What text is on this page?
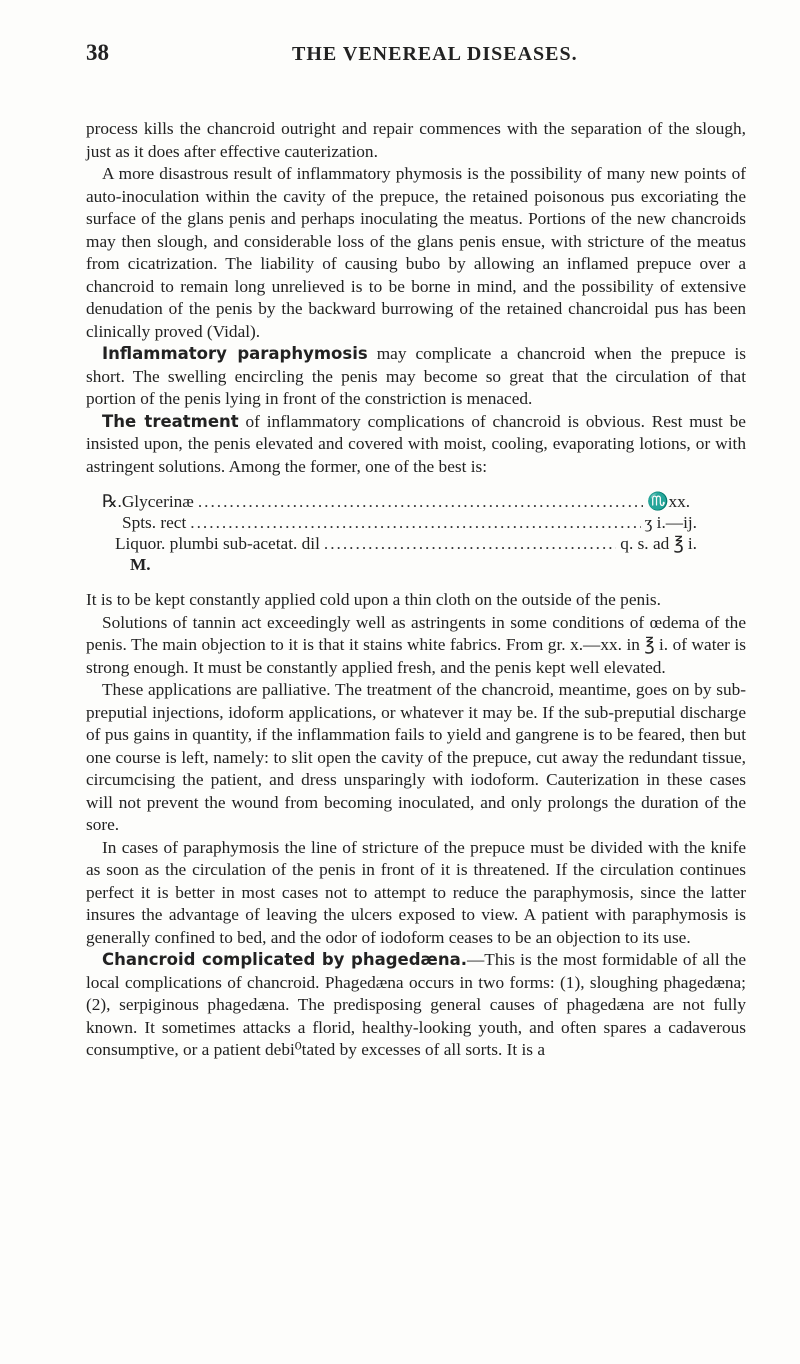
38	THE VENEREAL DISEASES.

process kills the chancroid outright and repair commences with the separation of the slough, just as it does after effective cauterization.

A more disastrous result of inflammatory phymosis is the possibility of many new points of auto-inoculation within the cavity of the prepuce, the retained poisonous pus excoriating the surface of the glans penis and perhaps inoculating the meatus. Portions of the new chancroids may then slough, and considerable loss of the glans penis ensue, with stricture of the meatus from cicatrization. The liability of causing bubo by allowing an inflamed prepuce over a chancroid to remain long unrelieved is to be borne in mind, and the possibility of extensive denudation of the penis by the backward burrowing of the retained chancroidal pus has been clinically proved (Vidal).

Inflammatory paraphymosis may complicate a chancroid when the prepuce is short. The swelling encircling the penis may become so great that the circulation of that portion of the penis lying in front of the constriction is menaced.

The treatment of inflammatory complications of chancroid is obvious. Rest must be insisted upon, the penis elevated and covered with moist, cooling, evaporating lotions, or with astringent solutions. Among the former, one of the best is:

℞. Glycerinæ .....	♏xx.
Spts. rect .....	ʒ i.—ij.
Liquor. plumbi sub-acetat. dil .....	q. s. ad ℥ i.
M.

It is to be kept constantly applied cold upon a thin cloth on the outside of the penis.

Solutions of tannin act exceedingly well as astringents in some conditions of œdema of the penis. The main objection to it is that it stains white fabrics. From gr. x.—xx. in ℥ i. of water is strong enough. It must be constantly applied fresh, and the penis kept well elevated.

These applications are palliative. The treatment of the chancroid, meantime, goes on by sub-preputial injections, idoform applications, or whatever it may be. If the sub-preputial discharge of pus gains in quantity, if the inflammation fails to yield and gangrene is to be feared, then but one course is left, namely: to slit open the cavity of the prepuce, cut away the redundant tissue, circumcising the patient, and dress unsparingly with iodoform. Cauterization in these cases will not prevent the wound from becoming inoculated, and only prolongs the duration of the sore.

In cases of paraphymosis the line of stricture of the prepuce must be divided with the knife as soon as the circulation of the penis in front of it is threatened. If the circulation continues perfect it is better in most cases not to attempt to reduce the paraphymosis, since the latter insures the advantage of leaving the ulcers exposed to view. A patient with paraphymosis is generally confined to bed, and the odor of iodoform ceases to be an objection to its use.

Chancroid complicated by phagedæna.—This is the most formidable of all the local complications of chancroid. Phagedæna occurs in two forms: (1), sloughing phagedæna; (2), serpiginous phagedæna. The predisposing general causes of phagedæna are not fully known. It sometimes attacks a florid, healthy-looking youth, and often spares a cadaverous consumptive, or a patient debi⁰tated by excesses of all sorts. It is a
